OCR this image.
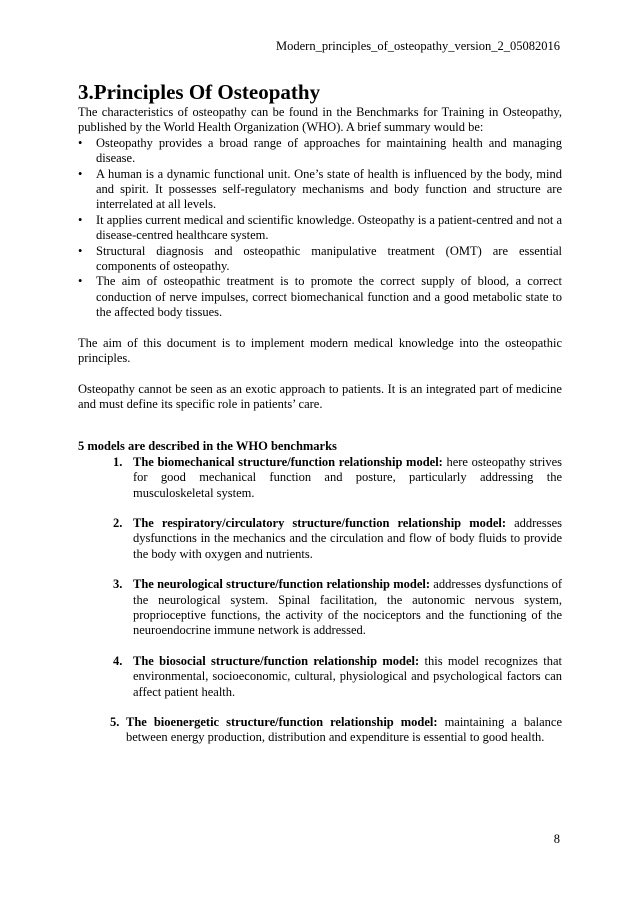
Modern_principles_of_osteopathy_version_2_05082016
3.Principles Of Osteopathy

The characteristics of osteopathy can be found in the Benchmarks for Training in Osteopathy, published by the World Health Organization (WHO). A brief summary would be:

• Osteopathy provides a broad range of approaches for maintaining health and managing disease.
• A human is a dynamic functional unit. One’s state of health is influenced by the body, mind and spirit. It possesses self-regulatory mechanisms and body function and structure are interrelated at all levels.
• It applies current medical and scientific knowledge. Osteopathy is a patient-centred and not a disease-centred healthcare system.
• Structural diagnosis and osteopathic manipulative treatment (OMT) are essential components of osteopathy.
• The aim of osteopathic treatment is to promote the correct supply of blood, a correct conduction of nerve impulses, correct biomechanical function and a good metabolic state to the affected body tissues.

The aim of this document is to implement modern medical knowledge into the osteopathic principles.

Osteopathy cannot be seen as an exotic approach to patients. It is an integrated part of medicine and must define its specific role in patients’ care.

5 models are described in the WHO benchmarks

1. The biomechanical structure/function relationship model: here osteopathy strives for good mechanical function and posture, particularly addressing the musculoskeletal system.
2. The respiratory/circulatory structure/function relationship model: addresses dysfunctions in the mechanics and the circulation and flow of body fluids to provide the body with oxygen and nutrients.
3. The neurological structure/function relationship model: addresses dysfunctions of the neurological system. Spinal facilitation, the autonomic nervous system, proprioceptive functions, the activity of the nociceptors and the functioning of the neuroendocrine immune network is addressed.
4. The biosocial structure/function relationship model: this model recognizes that environmental, socioeconomic, cultural, physiological and psychological factors can affect patient health.
5. The bioenergetic structure/function relationship model: maintaining a balance between energy production, distribution and expenditure is essential to good health.
8
